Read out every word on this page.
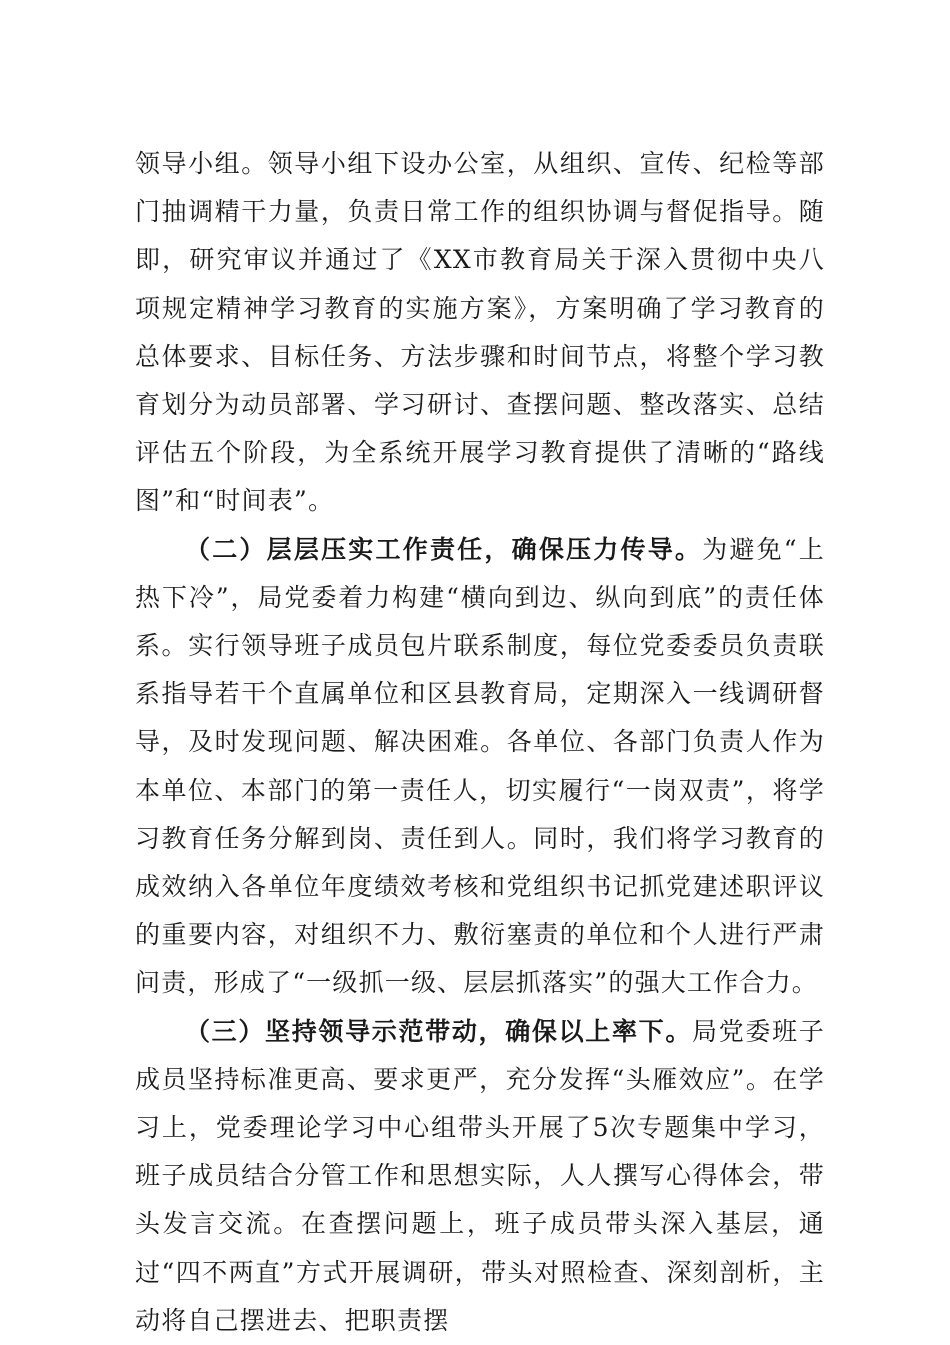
领导小组。领导小组下设办公室，从组织、宣传、纪检等部门抽调精干力量，负责日常工作的组织协调与督促指导。随即，研究审议并通过了《XX市教育局关于深入贯彻中央八项规定精神学习教育的实施方案》，方案明确了学习教育的总体要求、目标任务、方法步骤和时间节点，将整个学习教育划分为动员部署、学习研讨、查摆问题、整改落实、总结评估五个阶段，为全系统开展学习教育提供了清晰的“路线图”和“时间表”。

（二）层层压实工作责任，确保压力传导。为避免“上热下冷”，局党委着力构建“横向到边、纵向到底”的责任体系。实行领导班子成员包片联系制度，每位党委委员负责联系指导若干个直属单位和区县教育局，定期深入一线调研督导，及时发现问题、解决困难。各单位、各部门负责人作为本单位、本部门的第一责任人，切实履行“一岗双责”，将学习教育任务分解到岗、责任到人。同时，我们将学习教育的成效纳入各单位年度绩效考核和党组织书记抓党建述职评议的重要内容，对组织不力、敷衍塞责的单位和个人进行严肃问责，形成了“一级抓一级、层层抓落实”的强大工作合力。

（三）坚持领导示范带动，确保以上率下。局党委班子成员坚持标准更高、要求更严，充分发挥“头雁效应”。在学习上，党委理论学习中心组带头开展了5次专题集中学习，班子成员结合分管工作和思想实际，人人撰写心得体会，带头发言交流。在查摆问题上，班子成员带头深入基层，通过“四不两直”方式开展调研，带头对照检查、深刻剖析，主动将自己摆进去、把职责摆
